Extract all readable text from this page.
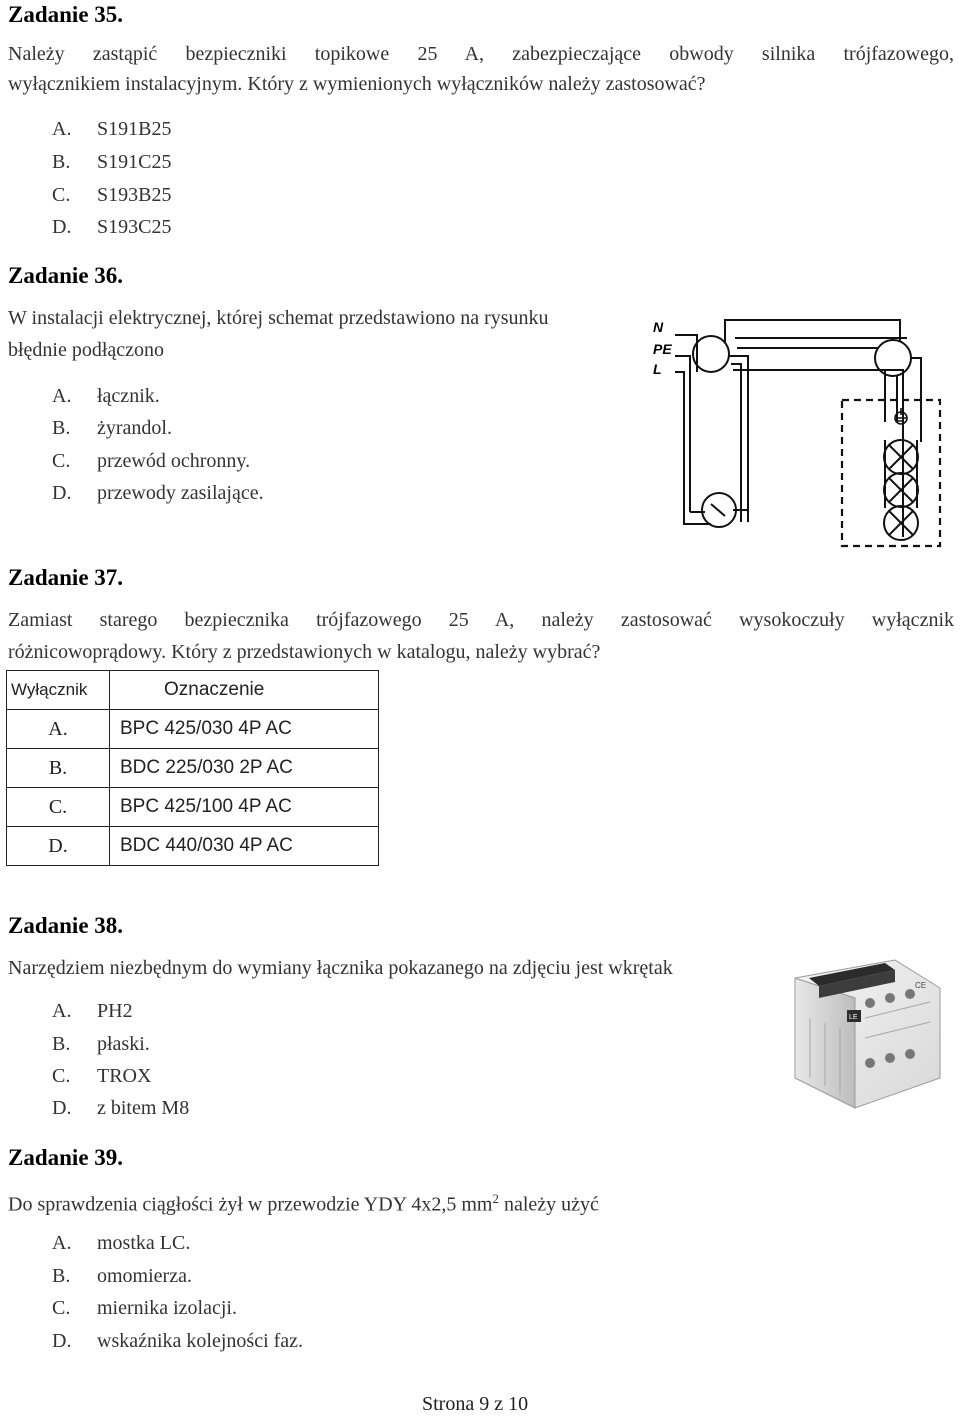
Zadanie 35.
Należy zastąpić bezpieczniki topikowe 25 A, zabezpieczające obwody silnika trójfazowego,
wyłącznikiem instalacyjnym. Który z wymienionych wyłączników należy zastosować?
A. S191B25
B. S191C25
C. S193B25
D. S193C25
Zadanie 36.
W instalacji elektrycznej, której schemat przedstawiono na rysunku
błędnie podłączono
A. łącznik.
B. żyrandol.
C. przewód ochronny.
D. przewody zasilające.
N
PE
L
Zadanie 37.
Zamiast starego bezpiecznika trójfazowego 25 A, należy zastosować wysokoczuły wyłącznik
różnicowoprądowy. Który z przedstawionych w katalogu, należy wybrać?
Wyłącznik	Oznaczenie
A.	BPC 425/030 4P AC
B.	BDC 225/030 2P AC
C.	BPC 425/100 4P AC
D.	BDC 440/030 4P AC
Zadanie 38.
Narzędziem niezbędnym do wymiany łącznika pokazanego na zdjęciu jest wkrętak
A. PH2
B. płaski.
C. TROX
D. z bitem M8
LE
CE
Zadanie 39.
Do sprawdzenia ciągłości żył w przewodzie YDY 4x2,5 $mm^2$ należy użyć
A. mostka LC.
B. omomierza.
C. miernika izolacji.
D. wskaźnika kolejności faz.
Strona 9 z 10
